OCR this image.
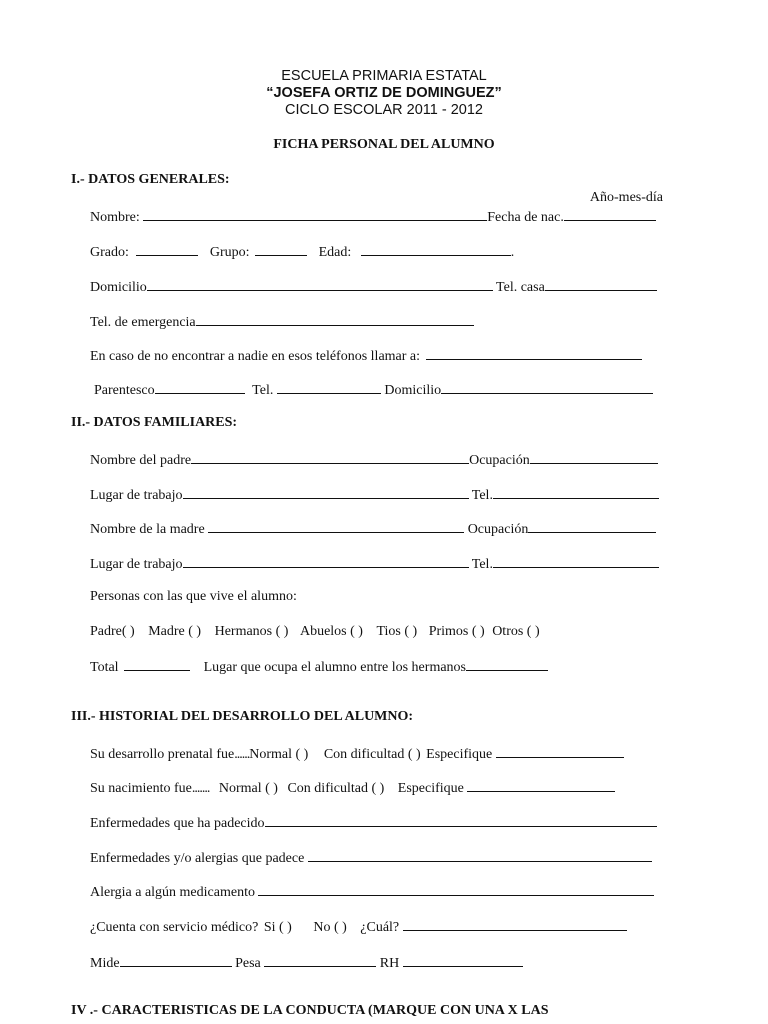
ESCUELA PRIMARIA ESTATAL
“JOSEFA ORTIZ DE DOMINGUEZ”
CICLO ESCOLAR 2011 - 2012
FICHA PERSONAL DEL ALUMNO
I.- DATOS GENERALES:
Año-mes-día
Nombre:	Fecha de nac.
Grado:	Grupo:	Edad:	.
Domicilio	Tel. casa
Tel. de emergencia
En caso de no encontrar a nadie en esos teléfonos llamar a:
Parentesco	Tel.	Domicilio
II.- DATOS FAMILIARES:
Nombre del padre	Ocupación
Lugar de trabajo	Tel.
Nombre de la madre	Ocupación
Lugar de trabajo	Tel.
Personas con las que vive el alumno:
Padre( ) Madre ( ) Hermanos ( ) Abuelos ( ) Tios ( ) Primos ( ) Otros ( )
Total	Lugar que ocupa el alumno entre los hermanos
III.- HISTORIAL DEL DESARROLLO DEL ALUMNO:
Su desarrollo prenatal fue......Normal ( ) Con dificultad ( ) Especifique
Su nacimiento fue....... Normal ( ) Con dificultad ( ) Especifique
Enfermedades que ha padecido
Enfermedades y/o alergias que padece
Alergia a algún medicamento
¿Cuenta con servicio médico? Si ( ) No ( ) ¿Cuál?
Mide	Pesa	RH
IV .- CARACTERISTICAS DE LA CONDUCTA (MARQUE CON UNA X LAS
